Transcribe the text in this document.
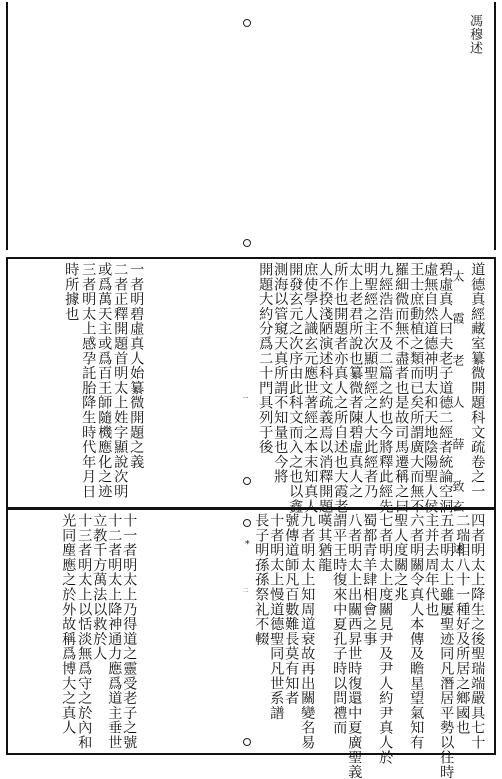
馮穆述
道德真經藏室纂微開題科文疏卷之一
太 霞 老 人 薛 致玄 述
碧虛真人曰夫老子道德二經者統論空洞
虛無自然道德神明太和天地陰陽聖人侯
王士庶動植之類而已矣所謂廣大而無不
羅細微而無不盡者也是故司馬遷稱之曰
九經浩浩不及二篇之約也今將釋此經先
明聖經之主次顯聖經之人大此經者乃
太上老君所說也纂微者陳碧虛真人之
所作也開題者亦真人之所自述也大霞老
人不揆淺陋演述科文疏義焉以消釋開題
庶使學人識玄元應世著經之本末知真人
開發玄元之次序由此科文而入之也以鑫
測海以管窺天真所謂不知量也今將
開題大約分爲二十門具列于後
一者明碧虛真人始纂微開題之義
二者正釋開題首明太上姓字顯說次明
或爲萬天主或爲百王師隨機應化之迹
三者明太上感孕託胎降生時代年月日
時所據也
一
四者明太上降生之後聖瑞端嚴具七十
二瑞相八十一種好及所居之鄉國也
五者明太上雖屢聖迹同凡潛居平勢以往時
主并去周年代也
六者明關令真人本傳及瞻星望氣知有
聖人度關之兆
七者明太上度關見尹及尹人約尹真人於
蜀都青羊肆相會之事
八者明太上出關西昇世時復還中夏廣聖義
謂平王時復來中夏孔子時以問禮而
嘆其猶龍
九者明太上知周道衰故再出關變名易
號傳道師凡百數難長莫有知者
十者明太上慢道德聖同凡世系譜
長子明孫孫祭礼不輟
十一者明太上乃得道之靈受老子之號
十二者明太上降神通力應爲道主垂世
立教千方萬法以救於人
十三者明太上以恬淡無爲守之於內和
光同塵應之於外故稱爲博大之真人	二
*
